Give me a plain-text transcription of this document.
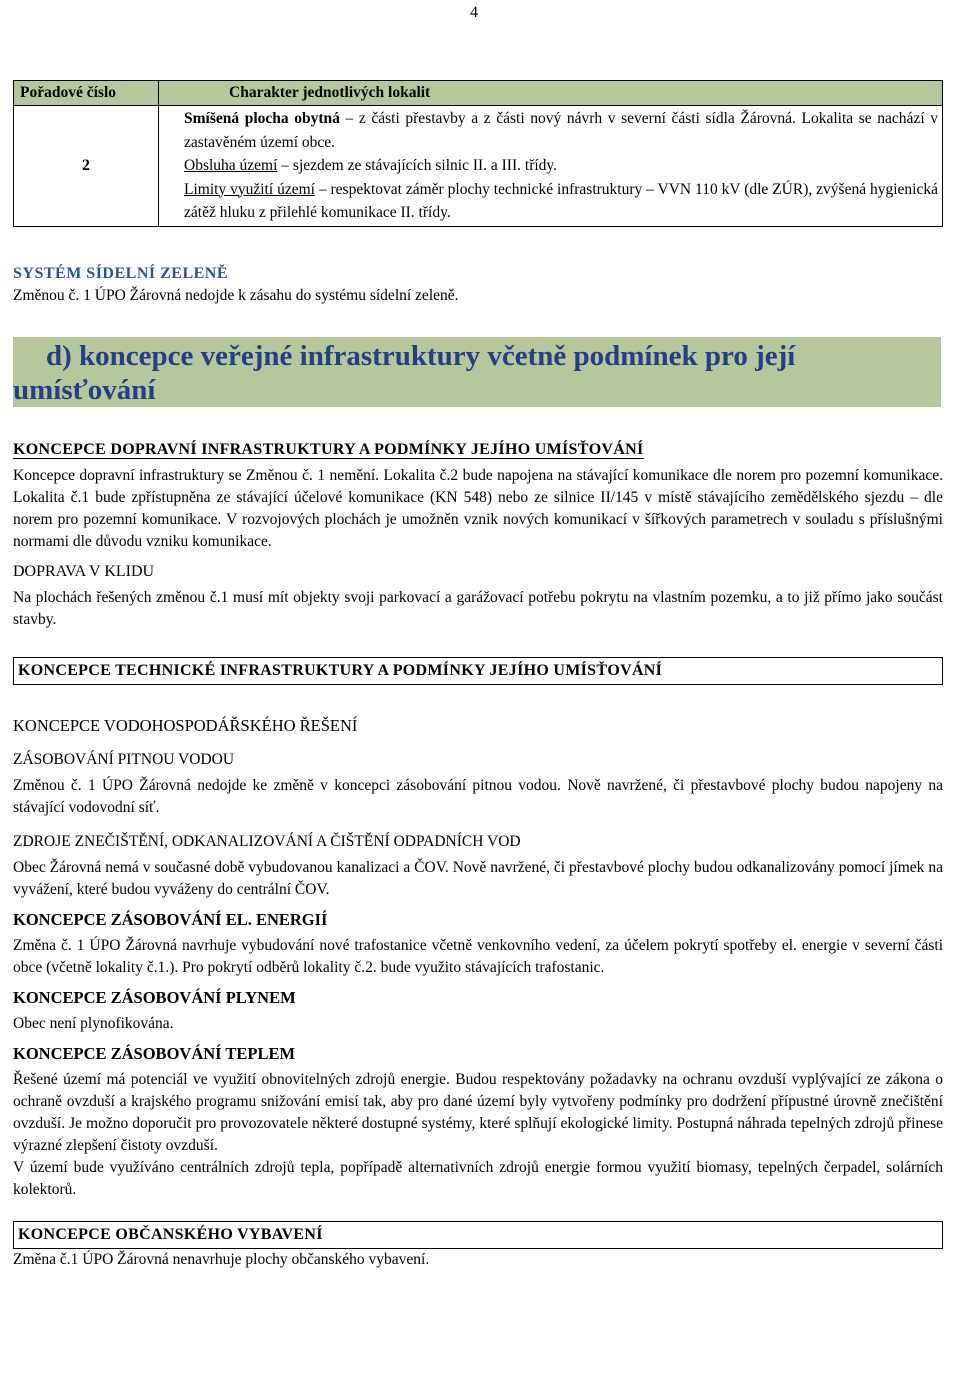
4
Pořadové číslo	Charakter jednotlivých lokalit
2	Smíšená plocha obytná – z části přestavby a z části nový návrh v severní části sídla Žárovná. Lokalita se nachází v zastavěném území obce.
Obsluha území – sjezdem ze stávajících silnic II. a III. třídy.
Limity využití území – respektovat záměr plochy technické infrastruktury – VVN 110 kV (dle ZÚR), zvýšená hygienická zátěž hluku z přilehlé komunikace II. třídy.
SYSTÉM SÍDELNÍ ZELENĚ

Změnou č. 1 ÚPO Žárovná nedojde k zásahu do systému sídelní zeleně.

d) koncepce veřejné infrastruktury včetně podmínek pro její
umísťování
KONCEPCE DOPRAVNÍ INFRASTRUKTURY A PODMÍNKY JEJÍHO UMÍSŤOVÁNÍ

Koncepce dopravní infrastruktury se Změnou č. 1 nemění. Lokalita č.2 bude napojena na stávající komunikace dle norem pro pozemní komunikace. Lokalita č.1 bude zpřístupněna ze stávající účelové komunikace (KN 548) nebo ze silnice II/145 v místě stávajícího zemědělského sjezdu – dle norem pro pozemní komunikace. V rozvojových plochách je umožněn vznik nových komunikací v šířkových parametrech v souladu s příslušnými normami dle důvodu vzniku komunikace.

DOPRAVA V KLIDU

Na plochách řešených změnou č.1 musí mít objekty svoji parkovací a garážovací potřebu pokrytu na vlastním pozemku, a to již přímo jako součást stavby.

KONCEPCE TECHNICKÉ INFRASTRUKTURY A PODMÍNKY JEJÍHO UMÍSŤOVÁNÍ
KONCEPCE VODOHOSPODÁŘSKÉHO ŘEŠENÍ
ZÁSOBOVÁNÍ PITNOU VODOU

Změnou č. 1 ÚPO Žárovná nedojde ke změně v koncepci zásobování pitnou vodou. Nově navržené, či přestavbové plochy budou napojeny na stávající vodovodní síť.

ZDROJE ZNEČIŠTĚNÍ, ODKANALIZOVÁNÍ A ČIŠTĚNÍ ODPADNÍCH VOD

Obec Žárovná nemá v současné době vybudovanou kanalizaci a ČOV. Nově navržené, či přestavbové plochy budou odkanalizovány pomocí jímek na vyvážení, které budou vyváženy do centrální ČOV.

KONCEPCE ZÁSOBOVÁNÍ EL. ENERGIÍ

Změna č. 1 ÚPO Žárovná navrhuje vybudování nové trafostanice včetně venkovního vedení, za účelem pokrytí spotřeby el. energie v severní části obce (včetně lokality č.1.). Pro pokrytí odběrů lokality č.2. bude využito stávajících trafostanic.

KONCEPCE ZÁSOBOVÁNÍ PLYNEM

Obec není plynofikována.

KONCEPCE ZÁSOBOVÁNÍ TEPLEM

Řešené území má potenciál ve využití obnovitelných zdrojů energie. Budou respektovány požadavky na ochranu ovzduší vyplývající ze zákona o ochraně ovzduší a krajského programu snižování emisí tak, aby pro dané území byly vytvořeny podmínky pro dodržení přípustné úrovně znečištění ovzduší. Je možno doporučit pro provozovatele některé dostupné systémy, které splňují ekologické limity. Postupná náhrada tepelných zdrojů přinese výrazné zlepšení čistoty ovzduší.

V území bude využíváno centrálních zdrojů tepla, popřípadě alternativních zdrojů energie formou využití biomasy, tepelných čerpadel, solárních kolektorů.

KONCEPCE OBČANSKÉHO VYBAVENÍ

Změna č.1 ÚPO Žárovná nenavrhuje plochy občanského vybavení.
